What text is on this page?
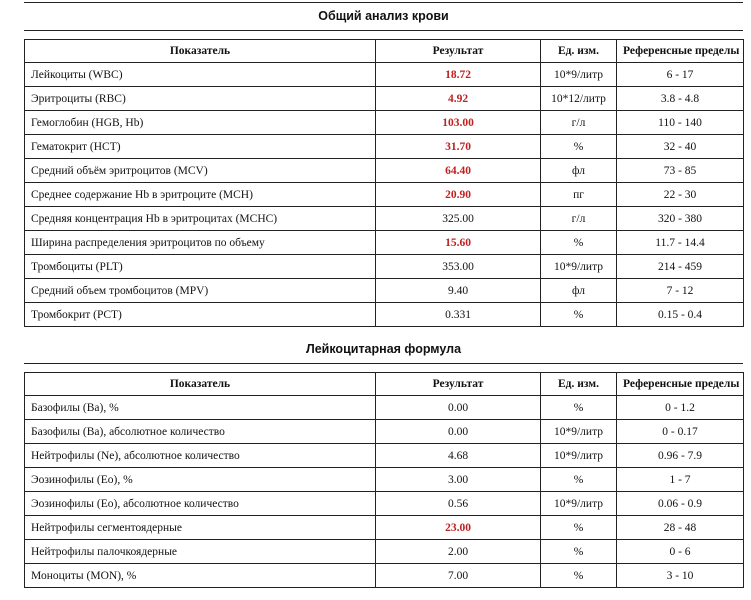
Общий анализ крови
Показатель	Результат	Ед. изм.	Референсные пределы
Лейкоциты (WBC)	18.72	10*9/литр	6 - 17
Эритроциты (RBC)	4.92	10*12/литр	3.8 - 4.8
Гемоглобин (HGB, Hb)	103.00	г/л	110 - 140
Гематокрит (HCT)	31.70	%	32 - 40
Средний объём эритроцитов (MCV)	64.40	фл	73 - 85
Среднее содержание Hb в эритроците (MCH)	20.90	пг	22 - 30
Средняя концентрация Hb в эритроцитах (MCHC)	325.00	г/л	320 - 380
Ширина распределения эритроцитов по объему	15.60	%	11.7 - 14.4
Тромбоциты (PLT)	353.00	10*9/литр	214 - 459
Средний объем тромбоцитов (MPV)	9.40	фл	7 - 12
Тромбокрит (PCT)	0.331	%	0.15 - 0.4
Лейкоцитарная формула
Показатель	Результат	Ед. изм.	Референсные пределы
Базофилы (Ba), %	0.00	%	0 - 1.2
Базофилы (Ba), абсолютное количество	0.00	10*9/литр	0 - 0.17
Нейтрофилы (Ne), абсолютное количество	4.68	10*9/литр	0.96 - 7.9
Эозинофилы (Eo), %	3.00	%	1 - 7
Эозинофилы (Eo), абсолютное количество	0.56	10*9/литр	0.06 - 0.9
Нейтрофилы сегментоядерные	23.00	%	28 - 48
Нейтрофилы палочкоядерные	2.00	%	0 - 6
Моноциты (MON), %	7.00	%	3 - 10
